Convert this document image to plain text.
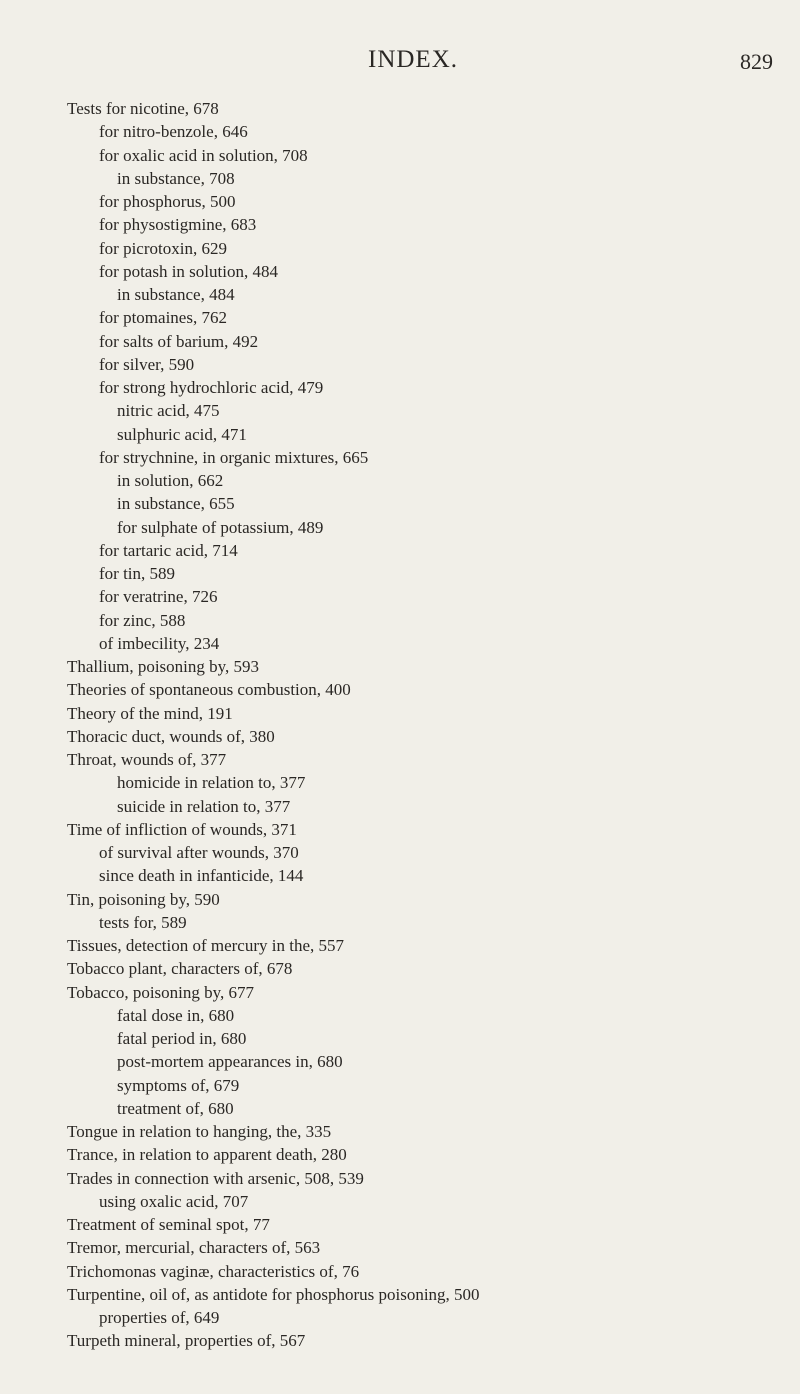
INDEX.	829
Tests for nicotine, 678
for nitro-benzole, 646
for oxalic acid in solution, 708
in substance, 708
for phosphorus, 500
for physostigmine, 683
for picrotoxin, 629
for potash in solution, 484
in substance, 484
for ptomaines, 762
for salts of barium, 492
for silver, 590
for strong hydrochloric acid, 479
nitric acid, 475
sulphuric acid, 471
for strychnine, in organic mixtures, 665
in solution, 662
in substance, 655
for sulphate of potassium, 489
for tartaric acid, 714
for tin, 589
for veratrine, 726
for zinc, 588
of imbecility, 234
Thallium, poisoning by, 593
Theories of spontaneous combustion, 400
Theory of the mind, 191
Thoracic duct, wounds of, 380
Throat, wounds of, 377
homicide in relation to, 377
suicide in relation to, 377
Time of infliction of wounds, 371
of survival after wounds, 370
since death in infanticide, 144
Tin, poisoning by, 590
tests for, 589
Tissues, detection of mercury in the, 557
Tobacco plant, characters of, 678
Tobacco, poisoning by, 677
fatal dose in, 680
fatal period in, 680
post-mortem appearances in, 680
symptoms of, 679
treatment of, 680
Tongue in relation to hanging, the, 335
Trance, in relation to apparent death, 280
Trades in connection with arsenic, 508, 539
using oxalic acid, 707
Treatment of seminal spot, 77
Tremor, mercurial, characters of, 563
Trichomonas vaginæ, characteristics of, 76
Turpentine, oil of, as antidote for phosphorus poisoning, 500
properties of, 649
Turpeth mineral, properties of, 567
